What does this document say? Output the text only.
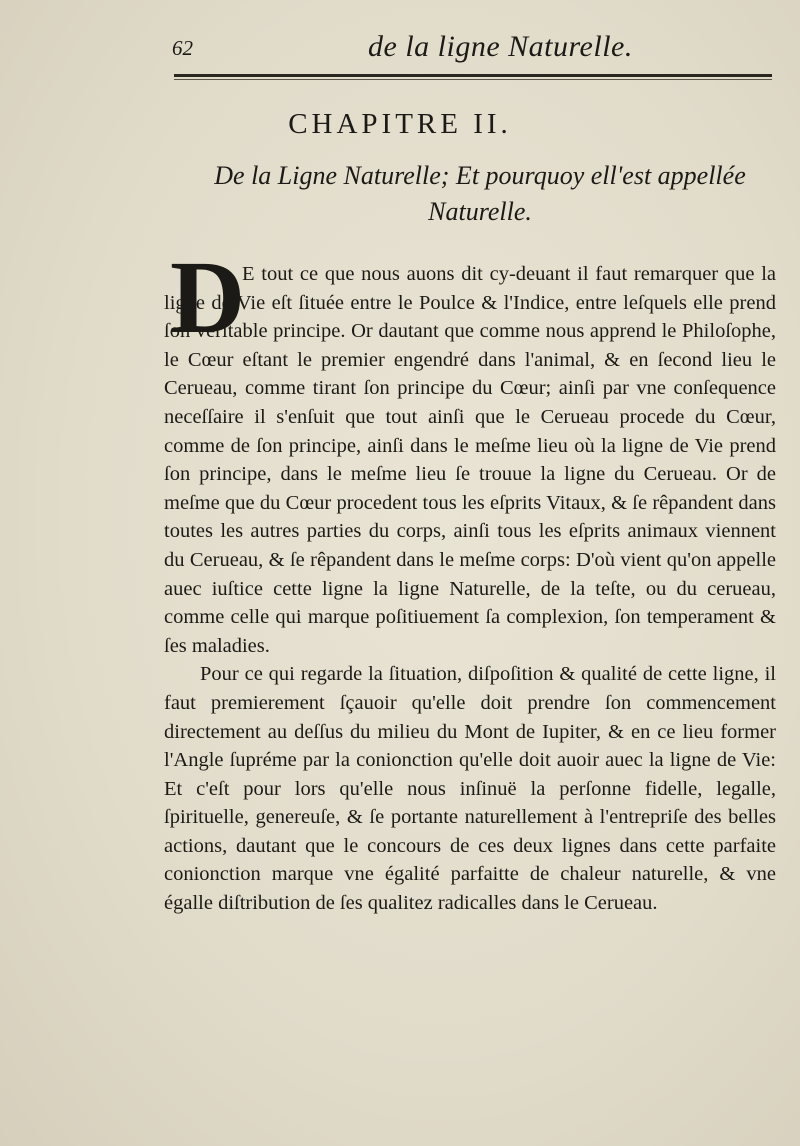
62	de la ligne Naturelle.
CHAPITRE II.
De la Ligne Naturelle; Et pourquoy ell'est appellée
Naturelle.
D

E tout ce que nous auons dit cy-deuant il faut remarquer que la ligne de Vie eſt ſituée entre le Poulce & l'Indice, entre leſquels elle prend ſon veritable principe. Or dautant que comme nous apprend le Philoſophe, le Cœur eſtant le premier engendré dans l'animal, & en ſecond lieu le Cerueau, comme tirant ſon principe du Cœur; ainſi par vne conſequence neceſſaire il s'enſuit que tout ainſi que le Cerueau procede du Cœur, comme de ſon principe, ainſi dans le meſme lieu où la ligne de Vie prend ſon principe, dans le meſme lieu ſe trouue la ligne du Cerueau. Or de meſme que du Cœur procedent tous les eſprits Vitaux, & ſe rêpandent dans toutes les autres parties du corps, ainſi tous les eſprits animaux viennent du Cerueau, & ſe rêpandent dans le meſme corps: D'où vient qu'on appelle auec iuſtice cette ligne la ligne Naturelle, de la teſte, ou du cerueau, comme celle qui marque poſitiuement ſa complexion, ſon temperament & ſes maladies.

Pour ce qui regarde la ſituation, diſpoſition & qualité de cette ligne, il faut premierement ſçauoir qu'elle doit prendre ſon commencement directement au deſſus du milieu du Mont de Iupiter, & en ce lieu former l'Angle ſupréme par la conionction qu'elle doit auoir auec la ligne de Vie: Et c'eſt pour lors qu'elle nous inſinuë la perſonne fidelle, legalle, ſpirituelle, genereuſe, & ſe portante naturellement à l'entrepriſe des belles actions, dautant que le concours de ces deux lignes dans cette parfaite conionction marque vne égalité parfaitte de chaleur naturelle, & vne égalle diſtribution de ſes qualitez radicalles dans le Cerueau.
